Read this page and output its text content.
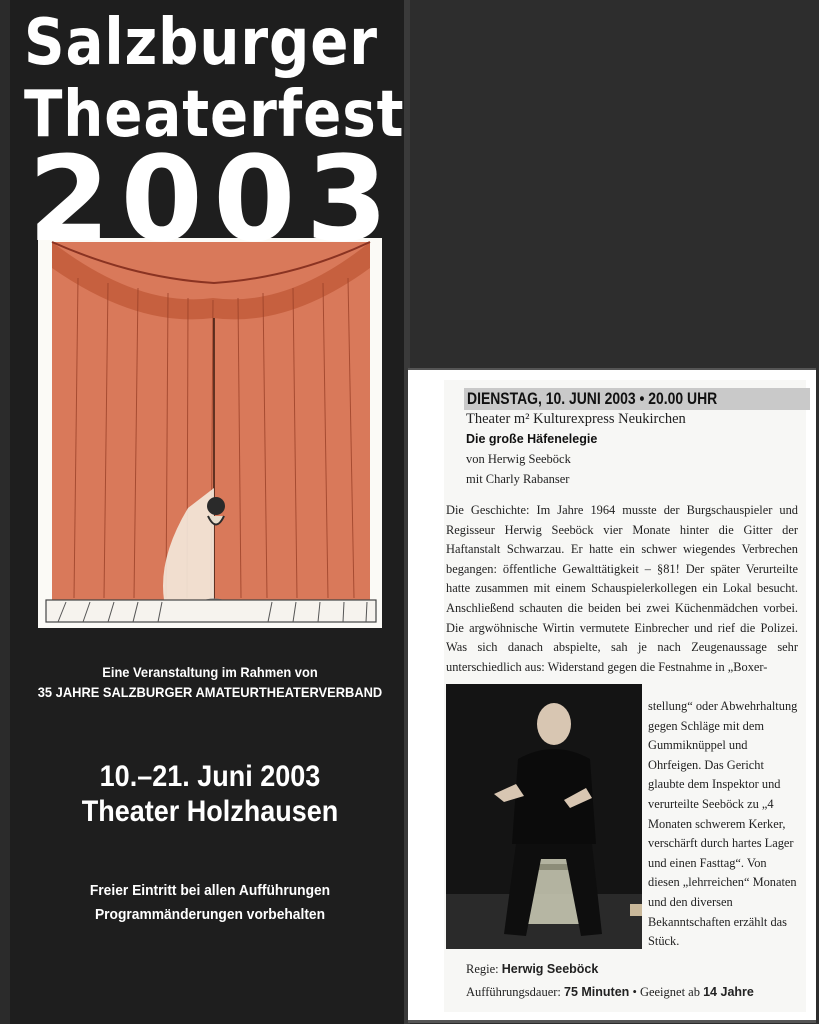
Salzburger
Theaterfest
2 0 0 3
Eine Veranstaltung im Rahmen von
35 JAHRE SALZBURGER AMATEURTHEATERVERBAND
10.–21. Juni 2003
Theater Holzhausen
Freier Eintritt bei allen Aufführungen
Programmänderungen vorbehalten
DIENSTAG, 10. JUNI 2003 • 20.00 UHR
Theater m² Kulturexpress Neukirchen
Die große Häfenelegie
von Herwig Seeböck
mit Charly Rabanser
Die Geschichte: Im Jahre 1964 musste der Burgschauspieler und Regisseur Herwig Seeböck vier Monate hinter die Gitter der Haftanstalt Schwarzau. Er hatte ein schwer wiegendes Verbrechen begangen: öffentliche Gewalttätigkeit – §81! Der später Verurteilte hatte zusammen mit einem Schauspielerkollegen ein Lokal besucht. Anschließend schauten die beiden bei zwei Küchenmädchen vorbei. Die argwöhnische Wirtin vermutete Einbrecher und rief die Polizei. Was sich danach abspielte, sah je nach Zeugenaussage sehr unterschiedlich aus: Widerstand gegen die Festnahme in „Boxer-
stellung“ oder Abwehrhaltung gegen Schläge mit dem Gummiknüppel und Ohrfeigen. Das Gericht glaubte dem Inspektor und verurteilte Seeböck zu „4 Monaten schwerem Kerker, verschärft durch hartes Lager und einen Fasttag“. Von diesen „lehrreichen“ Monaten und den diversen Bekanntschaften erzählt das Stück.
Regie: Herwig Seeböck
Aufführungsdauer: 75 Minuten • Geeignet ab 14 Jahre
